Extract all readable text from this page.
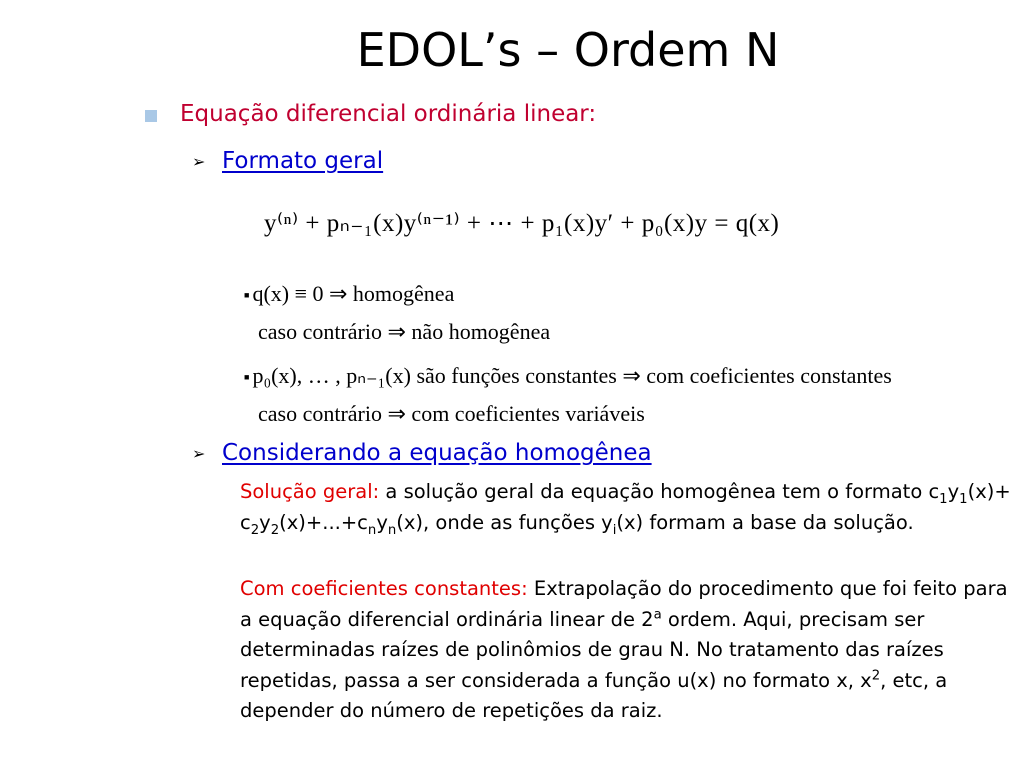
EDOL’s – Ordem N
Equação diferencial ordinária linear:
➢ Formato geral
y⁽ⁿ⁾ + pₙ₋₁(x)y⁽ⁿ⁻¹⁾ + ⋯ + p₁(x)y′ + p₀(x)y = q(x)
■ q(x) ≡ 0 ⇒ homogênea
caso contrário ⇒ não homogênea
■ p₀(x), … , pₙ₋₁(x) são funções constantes ⇒ com coeficientes constantes
caso contrário ⇒ com coeficientes variáveis
➢ Considerando a equação homogênea
Solução geral: a solução geral da equação homogênea tem o formato $c_1y_1(x)+ c_2y_2(x)+...+c_ny_n(x)$, onde as funções $y_i(x)$ formam a base da solução.
Com coeficientes constantes: Extrapolação do procedimento que foi feito para a equação diferencial ordinária linear de 2$^a$ ordem. Aqui, precisam ser determinadas raízes de polinômios de grau N. No tratamento das raízes repetidas, passa a ser considerada a função u(x) no formato x, $x^2$, etc, a depender do número de repetições da raiz.
